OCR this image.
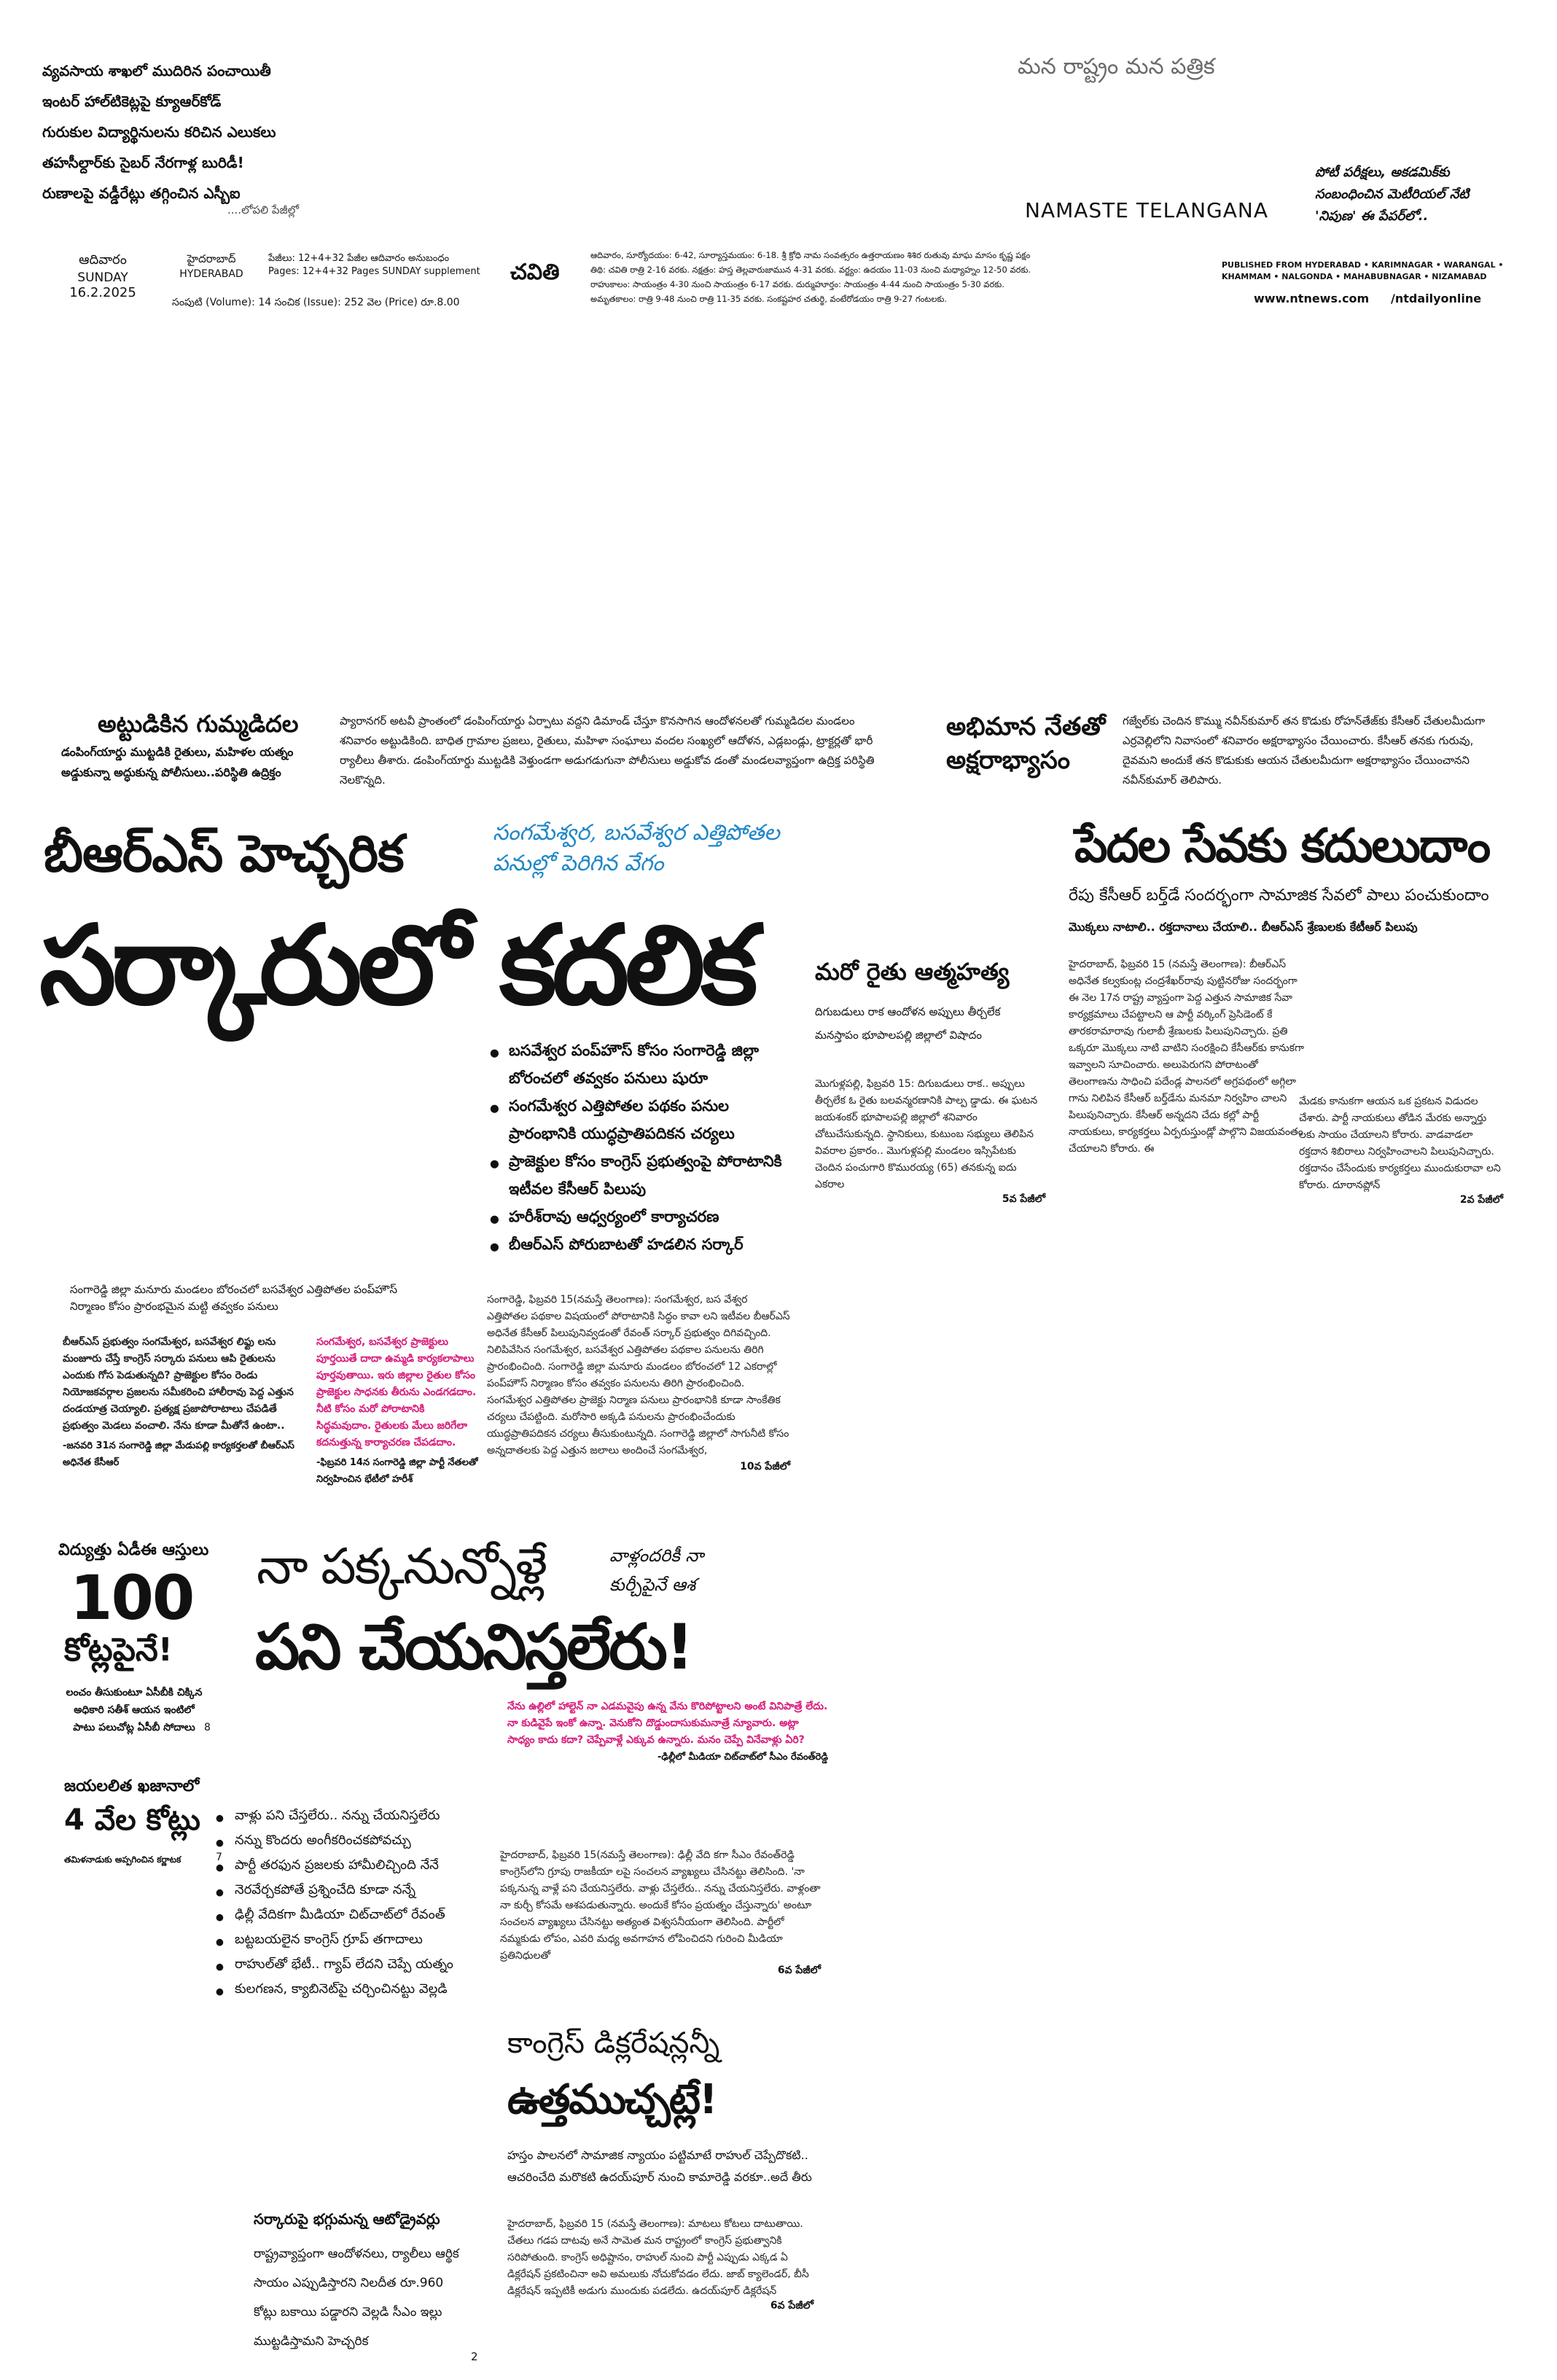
వ్యవసాయ శాఖలో ముదిరిన పంచాయితీ
ఇంటర్ హాల్‌టికెట్లపై క్యూఆర్‌కోడ్
గురుకుల విద్యార్థినులను కరిచిన ఎలుకలు
తహసీల్దార్‌కు సైబర్ నేరగాళ్ల బురిడీ!
రుణాలపై వడ్డీరేట్లు తగ్గించిన ఎస్బీఐ
....లోపలి పేజీల్లో
మన రాష్ట్రం మన పత్రిక
NAMASTE TELANGANA
పోటీ పరీక్షలు, అకడమిక్‌కు సంబంధించిన మెటీరియల్ నేటి 'నిపుణ' ఈ పేపర్‌లో..
ఆదివారం
SUNDAY
16.2.2025
హైదరాబాద్
HYDERABAD
పేజీలు: 12+4+32 పేజీల ఆదివారం అనుబంధం
Pages: 12+4+32 Pages SUNDAY supplement
సంపుటి (Volume): 14 సంచిక (Issue): 252 వెల (Price) రూ.8.00
చవితి
ఆదివారం, సూర్యోదయం: 6-42, సూర్యాస్తమయం: 6-18. శ్రీ క్రోధి నామ సంవత్సరం ఉత్తరాయణం శిశిర రుతువు మాఘ మాసం కృష్ణ పక్షం
తిథి: చవితి రాత్రి 2-16 వరకు. నక్షత్రం: హస్త తెల్లవారుజామున 4-31 వరకు. వర్జ్యం: ఉదయం 11-03 నుంచి మధ్యాహ్నం 12-50 వరకు.
రాహుకాలం: సాయంత్రం 4-30 నుంచి సాయంత్రం 6-17 వరకు. దుర్ముహూర్తం: సాయంత్రం 4-44 నుంచి సాయంత్రం 5-30 వరకు.
అమృతకాలం: రాత్రి 9-48 నుంచి రాత్రి 11-35 వరకు. సంకష్టహర చతుర్థి, వంటేరోడయం రాత్రి 9-27 గంటలకు.
PUBLISHED FROM HYDERABAD • KARIMNAGAR • WARANGAL • KHAMMAM • NALGONDA • MAHABUBNAGAR • NIZAMABAD
www.ntnews.com /ntdailyonline
అట్టుడికిన గుమ్మడిదల
డంపింగ్‌యార్డు ముట్టడికి రైతులు, మహిళల యత్నం అడ్డుకున్నా అద్ధుకున్న పోలీసులు..పరిస్థితి ఉద్రిక్తం
ప్యారానగర్ అటవీ ప్రాంతంలో డంపింగ్‌యార్డు ఏర్పాటు వద్దని డిమాండ్ చేస్తూ కొనసాగిన ఆందోళనలతో గుమ్మడిదల మండలం శనివారం అట్టుడికింది. బాధిత గ్రామాల ప్రజలు, రైతులు, మహిళా సంఘాలు వందల సంఖ్యలో ఆదోళన, ఎడ్లబండ్లు, ట్రాక్టర్లతో భారీ ర్యాలీలు తీశారు. డంపింగ్‌యార్డు ముట్టడికి వెళ్తుండగా అడుగడుగునా పోలీసులు అడ్డుకోవ డంతో మండలవ్యాప్తంగా ఉద్రిక్త పరిస్థితి నెలకొన్నది.
అభిమాన నేతతో అక్షరాభ్యాసం
గజ్వేల్‌కు చెందిన కొమ్ము నవీన్‌కుమార్ తన కొడుకు రోహన్‌తేజ్‌కు కేసీఆర్ చేతులమీదుగా ఎర్రవెల్లిలోని నివాసంలో శనివారం అక్షరాభ్యాసం చేయించారు. కేసీఆర్ తనకు గురువు, దైవమని అందుకే తన కొడుకుకు ఆయన చేతులమీదుగా అక్షరాభ్యాసం చేయించానని నవీన్‌కుమార్ తెలిపారు.
బీఆర్‌ఎస్ హెచ్చరిక	సంగమేశ్వర, బసవేశ్వర ఎత్తిపోతల పనుల్లో పెరిగిన వేగం
సర్కారులో కదలిక
● బసవేశ్వర పంప్‌హౌస్ కోసం సంగారెడ్డి జిల్లా బోరంచలో తవ్వకం పనులు షురూ
● సంగమేశ్వర ఎత్తిపోతల పథకం పనుల ప్రారంభానికి యుద్ధప్రాతిపదికన చర్యలు
● ప్రాజెక్టుల కోసం కాంగ్రెస్ ప్రభుత్వంపై పోరాటానికి ఇటీవల కేసీఆర్ పిలుపు
● హరీశ్‌రావు ఆధ్వర్యంలో కార్యాచరణ
● బీఆర్‌ఎస్ పోరుబాటతో హడలిన సర్కార్
సంగారెడ్డి జిల్లా మనూరు మండలం బోరంచలో బసవేశ్వర ఎత్తిపోతల పంప్‌హౌస్ నిర్మాణం కోసం ప్రారంభమైన మట్టి తవ్వకం పనులు
బీఆర్‌ఎస్ ప్రభుత్వం సంగమేశ్వర, బసవేశ్వర లిఫ్టు లను మంజూరు చేస్తే కాంగ్రెస్ సర్కారు పనులు ఆపి రైతులను ఎందుకు గోస పెడుతున్నది? ప్రాజెక్టుల కోసం రెండు నియోజకవర్గాల ప్రజలను సమీకరించి హాలీరావు పెద్ద ఎత్తున దండయాత్ర చెయ్యాలి. ప్రత్యక్ష ప్రజాపోరాటాలు చేపడితే ప్రభుత్వం మెడలు వంచాలి. నేను కూడా మీతోనే ఉంటా..
-జనవరి 31న సంగారెడ్డి జిల్లా మేడుపల్లి కార్యకర్తలతో బీఆర్‌ఎస్ అధినేత కేసీఆర్
సంగమేశ్వర, బసవేశ్వర ప్రాజెక్టులు పూర్తయితే దాదా ఉమ్మడి కార్యకలాపాలు పూర్తవుతాయి. ఇరు జిల్లాల రైతుల కోసం ప్రాజెక్టుల సాధనకు తీరును ఎండగడదాం. నీటి కోసం మరో పోరాటానికి సిద్ధమవుదాం. రైతులకు మేలు జరిగేలా కదనుత్తున్న కార్యాచరణ చేపడదాం.
-ఫిబ్రవరి 14న సంగారెడ్డి జిల్లా పార్టీ నేతలతో నిర్వహించిన భేటీలో హరీశ్
సంగారెడ్డి, ఫిబ్రవరి 15(నమస్తే తెలంగాణ): సంగమేశ్వర, బస వేశ్వర ఎత్తిపోతల పథకాల విషయంలో పోరాటానికి సిద్ధం కావా లని ఇటీవల బీఆర్‌ఎస్ అధినేత కేసీఆర్ పిలుపునివ్వడంతో రేవంత్ సర్కార్ ప్రభుత్వం దిగివచ్చింది. నిలిపివేసిన సంగమేశ్వర, బసవేశ్వర ఎత్తిపోతల పథకాల పనులను తిరిగి ప్రారంభించింది. సంగారెడ్డి జిల్లా మనూరు మండలం బోరంచలో 12 ఎకరాల్లో పంప్‌హౌస్ నిర్మాణం కోసం తవ్వకం పనులను తిరిగి ప్రారంభించింది. సంగమేశ్వర ఎత్తిపోతల ప్రాజెక్టు నిర్మాణ పనులు ప్రారంభానికి కూడా సాంకేతిక చర్యలు చేపట్టింది. మరోసారి అక్కడి పనులను ప్రారంభించేందుకు యుద్ధప్రాతిపదికన చర్యలు తీసుకుంటున్నది. సంగారెడ్డి జిల్లాలో సాగునీటి కోసం అన్నదాతలకు పెద్ద ఎత్తున జలాలు అందించే సంగమేశ్వర,
10వ పేజీలో
మరో రైతు ఆత్మహత్య
దిగుబడులు రాక ఆందోళన అప్పులు తీర్చలేక మనస్తాపం భూపాలపల్లి జిల్లాలో విషాదం
మొగుళ్లపల్లి, ఫిబ్రవరి 15: దిగుబడులు రాక.. అప్పులు తీర్చలేక ఓ రైతు బలవన్మరణానికి పాల్ప డ్డాడు. ఈ ఘటన జయశంకర్ భూపాలపల్లి జిల్లాలో శనివారం చోటుచేసుకున్నది. స్థానికులు, కుటుంబ సభ్యులు తెలిపిన వివరాల ప్రకారం.. మొగుళ్లపల్లి మండలం ఇస్సిపేటకు చెందిన పంచుగారి కొమురయ్య (65) తనకున్న ఐదు ఎకరాల
5వ పేజీలో
పేదల సేవకు కదులుదాం
రేపు కేసీఆర్ బర్త్‌డే సందర్భంగా సామాజిక సేవలో పాలు పంచుకుందాం
మొక్కలు నాటాలి.. రక్తదానాలు చేయాలి.. బీఆర్‌ఎస్ శ్రేణులకు కేటీఆర్ పిలుపు
హైదరాబాద్, ఫిబ్రవరి 15 (నమస్తే తెలంగాణ): బీఆర్‌ఎస్ అధినేత కల్వకుంట్ల చంద్రశేఖర్‌రావు పుట్టినరోజు సందర్భంగా ఈ నెల 17న రాష్ట్ర వ్యాప్తంగా పెద్ద ఎత్తున సామాజిక సేవా కార్యక్రమాలు చేపట్టాలని ఆ పార్టీ వర్కింగ్ ప్రెసిడెంట్ కే తారకరామారావు గులాబీ శ్రేణులకు పిలుపునిచ్చారు. ప్రతి ఒక్కరూ మొక్కలు నాటి వాటిని సంరక్షించి కేసీఆర్‌కు కానుకగా ఇవ్వాలని సూచించారు. అలుపెరుగని పోరాటంతో తెలంగాణను సాధించి పదేండ్ల పాలనలో అగ్రపథంలో అగ్గిలా గాను నిలిపిన కేసీఆర్ బర్త్‌డేను మనమా నిర్వహిం చాలని పిలుపునిచ్చారు. కేసీఆర్ అన్నదని చేదు కల్లో పార్టీ నాయకులు, కార్యకర్తలు ఏర్పరుస్తుండ్లో పాల్గొని విజయవంతం చేయాలని కోరారు. ఈ
మేడకు కానుకగా ఆయన ఒక ప్రకటన విడుదల చేశారు. పార్టీ నాయకులు తోడిన మేరకు అన్నార్తు లకు సాయం చేయాలని కోరారు. వాడవాడలా రక్తదాన శిబిరాలు నిర్వహించాలని పిలుపునిచ్చారు. రక్తదానం చేసేందుకు కార్యకర్తలు ముందుకురావా లని కోరారు. దూరానప్లోన్
2వ పేజీలో
విద్యుత్తు ఏడీఈ ఆస్తులు
100
కోట్లపైనే!
లంచం తీసుకుంటూ ఏసీబీకి చిక్కిన అధికారి సతీశ్ ఆయన ఇంటిలో పాటు పలుచోట్ల ఏసీబీ సోదాలు 8
జయలలిత ఖజానాలో
4 వేల కోట్లు
తమిళనాడుకు అప్పగించిన కర్ణాటక	7
నా పక్కనున్నోళ్లే	వాళ్లందరికీ నా కుర్చీపైనే ఆశ
పని చేయనిస్తలేరు!
నేను ఉల్లిలో హాల్టెన్ నా ఎడమవైపు ఉన్న వేను కొరిపోట్టాలని అంటే వినిపాత్రే లేదు. నా కుడివైపే ఇంకో ఉన్నా. వెనుకోని దొడ్డుందాసుకుమనాత్రే న్యూవారు. అట్లా సాధ్యం కాదు కదా? చెప్పేవాళ్లే ఎక్కువ ఉన్నారు. మనం చెప్పే వినేవాళ్లు ఏరి?
-ఢిల్లీలో మీడియా చిట్‌చాట్‌లో సీఎం రేవంత్‌రెడ్డి
● వాళ్లు పని చేస్తలేరు.. నన్ను చేయనిస్తలేరు
● నన్ను కొందరు అంగీకరించకపోవచ్చు
● పార్టీ తరఫున ప్రజలకు హామీలిచ్చింది నేనే
● నెరవేర్చకపోతే ప్రశ్నించేది కూడా నన్నే
● ఢిల్లీ వేదికగా మీడియా చిట్‌చాట్‌లో రేవంత్
● బట్టబయలైన కాంగ్రెస్ గ్రూప్ తగాదాలు
● రాహుల్‌తో భేటీ.. గ్యాప్ లేదని చెప్పే యత్నం
● కులగణన, క్యాబినెట్‌పై చర్చించినట్టు వెల్లడి
హైదరాబాద్, ఫిబ్రవరి 15(నమస్తే తెలంగాణ): ఢిల్లీ వేది కగా సీఎం రేవంత్‌రెడ్డి కాంగ్రెస్‌లోని గ్రూపు రాజకీయా లపై సంచలన వ్యాఖ్యలు చేసినట్టు తెలిసింది. 'నా పక్కనున్న వాళ్లే పని చేయనిస్తలేరు. వాళ్లు చేస్తలేరు.. నన్ను చేయనిస్తలేరు. వాళ్లంతా నా కుర్చీ కోసమే ఆశపడుతున్నారు. అందుకే కోసం ప్రయత్నం చేస్తున్నారు' అంటూ సంచలన వ్యాఖ్యలు చేసినట్టు అత్యంత విశ్వసనీయంగా తెలిసింది. పార్టీలో నమ్మకుడు లోపం, ఎవరి మధ్య అవగాహన లోపించిదని గురించి మీడియా ప్రతినిధులతో
6వ పేజీలో
కాంగ్రెస్ డిక్లరేషన్లన్నీ
ఉత్తముచ్చట్లే!
హస్తం పాలనలో సామాజిక న్యాయం పట్టిమాటే రాహుల్ చెప్పేదొకటి.. ఆచరించేది మరొకటి ఉదయ్‌పూర్ నుంచి కామారెడ్డి వరకూ..అదే తీరు
హైదరాబాద్, ఫిబ్రవరి 15 (నమస్తే తెలంగాణ): మాటలు కోటలు దాటుతాయి. చేతలు గడప దాటవు అనే సామెత మన రాష్ట్రంలో కాంగ్రెస్ ప్రభుత్వానికి సరిపోతుంది. కాంగ్రెస్ అధిష్టానం, రాహుల్ నుంచి పార్టీ ఎప్పుడు ఎక్కడ ఏ డిక్లరేషన్ ప్రకటించినా అవి అమలుకు నోచుకోవడం లేదు. జాబ్ క్యాలెండర్, బీసీ డిక్లరేషన్ ఇప్పటికీ అడుగు ముందుకు పడలేదు. ఉదయ్‌పూర్ డిక్లరేషన్
6వ పేజీలో
సర్కారుపై భగ్గుమన్న ఆటోడ్రైవర్లు
రాష్ట్రవ్యాప్తంగా ఆందోళనలు, ర్యాలీలు ఆర్థిక సాయం ఎప్పుడిస్తారని నిలదీత రూ.960 కోట్లు బకాయి పడ్డారని వెల్లడి సీఎం ఇల్లు ముట్టడిస్తామని హెచ్చరిక
2
